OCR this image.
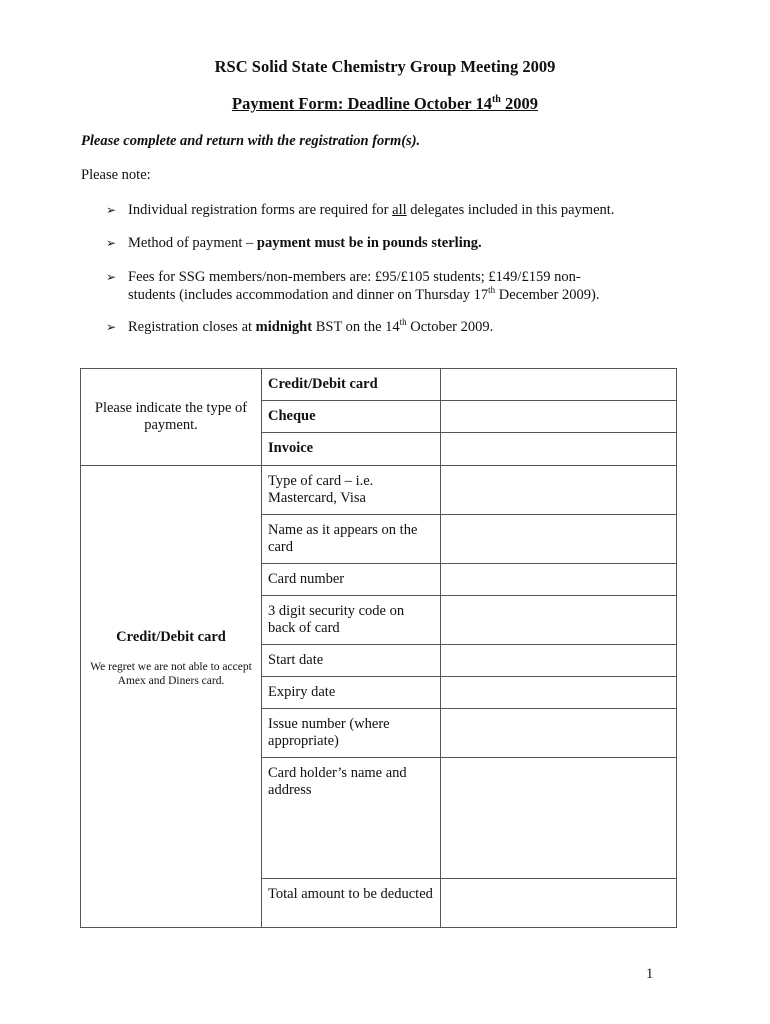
RSC Solid State Chemistry Group Meeting 2009
Payment Form: Deadline October 14th 2009
Please complete and return with the registration form(s).
Please note:
➢ Individual registration forms are required for all delegates included in this payment.
➢ Method of payment – payment must be in pounds sterling.
➢ Fees for SSG members/non-members are: £95/£105 students; £149/£159 non-
students (includes accommodation and dinner on Thursday 17th December 2009).
➢ Registration closes at midnight BST on the 14th October 2009.
Please indicate the type of payment.	Credit/Debit card	
	Cheque	
	Invoice	

Credit/Debit card
We regret we are not able to accept Amex and Diners card.	Type of card – i.e. Mastercard, Visa	
	Name as it appears on the card	
	Card number	
	3 digit security code on back of card	
	Start date	
	Expiry date	
	Issue number (where appropriate)	
	Card holder’s name and address	
	Total amount to be deducted	
1
